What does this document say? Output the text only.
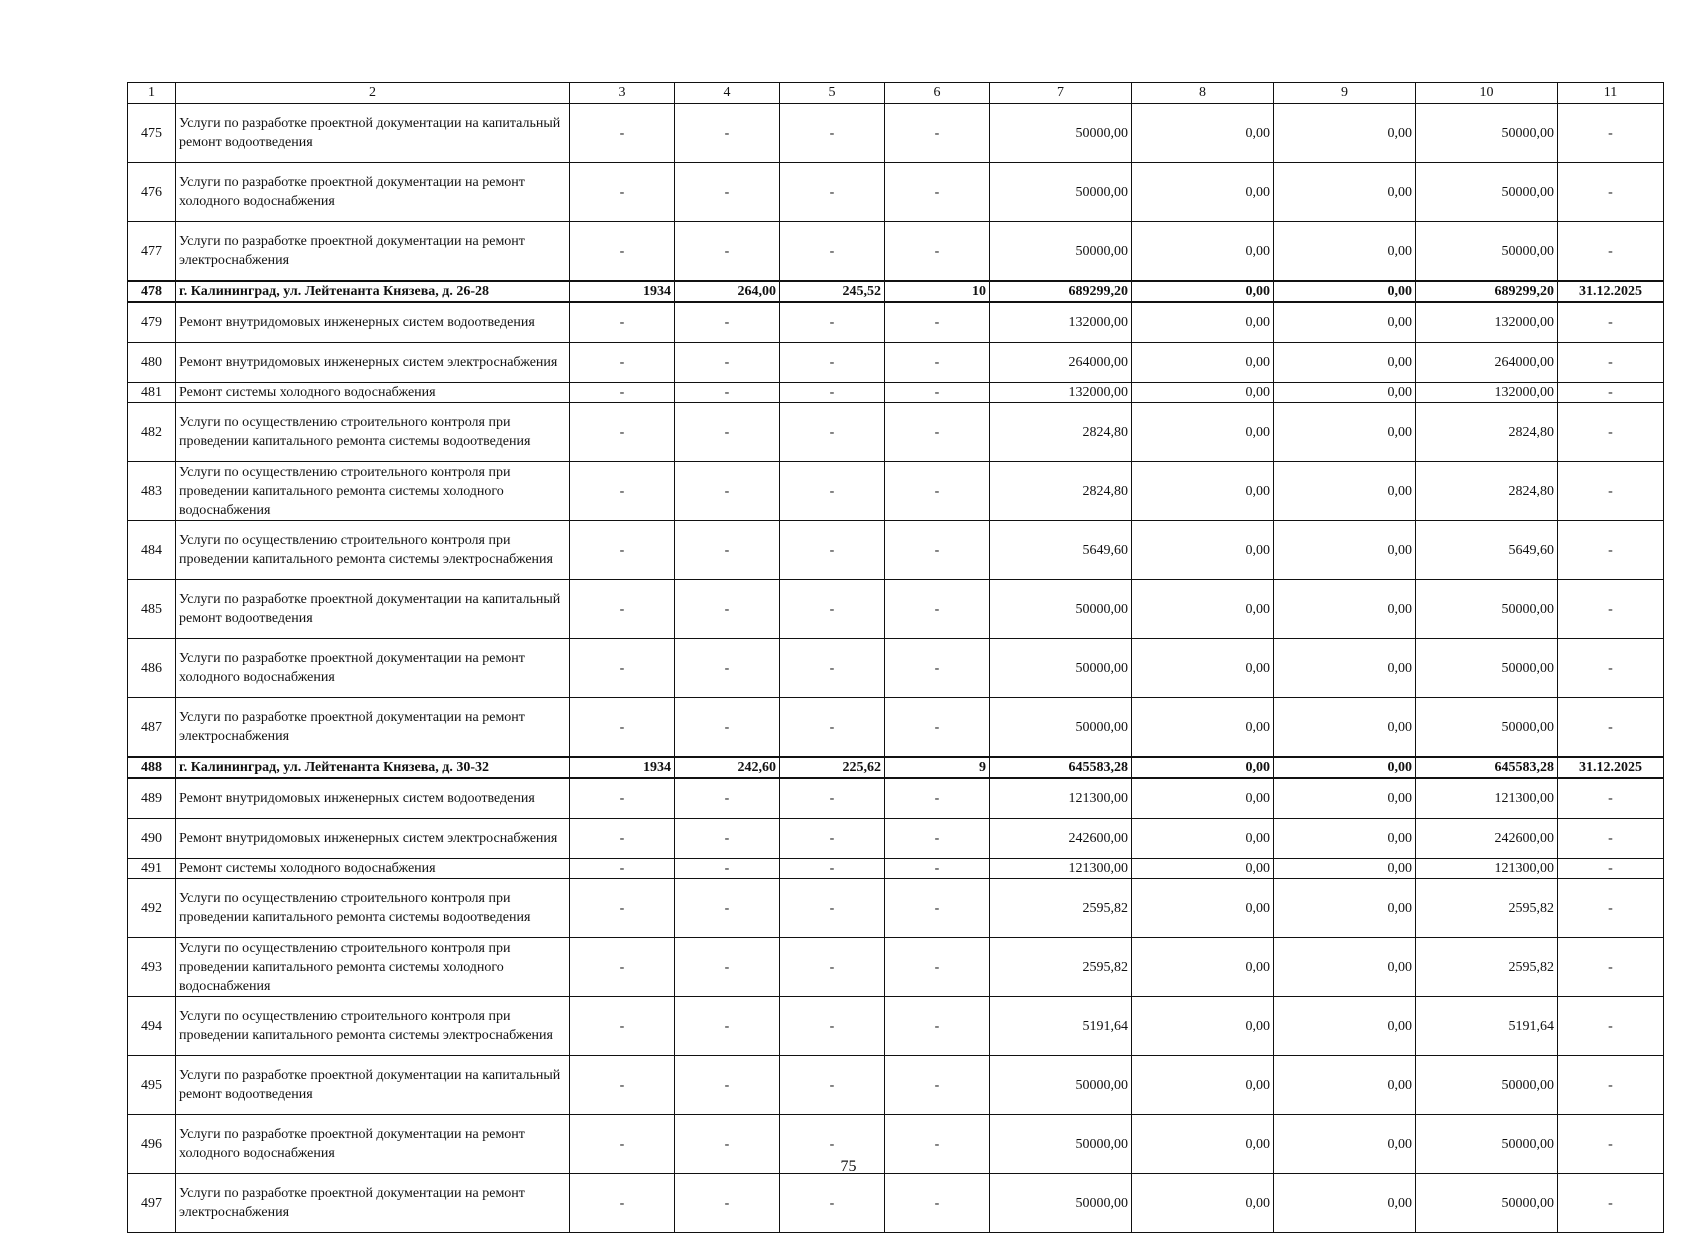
1	2	3	4	5	6	7	8	9	10	11
475	Услуги по разработке проектной документации на капитальный ремонт водоотведения	-	-	-	-	50000,00	0,00	0,00	50000,00	-
476	Услуги по разработке проектной документации на ремонт холодного водоснабжения	-	-	-	-	50000,00	0,00	0,00	50000,00	-
477	Услуги по разработке проектной документации на ремонт электроснабжения	-	-	-	-	50000,00	0,00	0,00	50000,00	-
478	г. Калининград, ул. Лейтенанта Князева, д. 26-28	1934	264,00	245,52	10	689299,20	0,00	0,00	689299,20	31.12.2025
479	Ремонт внутридомовых инженерных систем водоотведения	-	-	-	-	132000,00	0,00	0,00	132000,00	-
480	Ремонт внутридомовых инженерных систем электроснабжения	-	-	-	-	264000,00	0,00	0,00	264000,00	-
481	Ремонт системы холодного водоснабжения	-	-	-	-	132000,00	0,00	0,00	132000,00	-
482	Услуги по осуществлению строительного контроля при проведении капитального ремонта системы водоотведения	-	-	-	-	2824,80	0,00	0,00	2824,80	-
483	Услуги по осуществлению строительного контроля при проведении капитального ремонта системы холодного водоснабжения	-	-	-	-	2824,80	0,00	0,00	2824,80	-
484	Услуги по осуществлению строительного контроля при проведении капитального ремонта системы электроснабжения	-	-	-	-	5649,60	0,00	0,00	5649,60	-
485	Услуги по разработке проектной документации на капитальный ремонт водоотведения	-	-	-	-	50000,00	0,00	0,00	50000,00	-
486	Услуги по разработке проектной документации на ремонт холодного водоснабжения	-	-	-	-	50000,00	0,00	0,00	50000,00	-
487	Услуги по разработке проектной документации на ремонт электроснабжения	-	-	-	-	50000,00	0,00	0,00	50000,00	-
488	г. Калининград, ул. Лейтенанта Князева, д. 30-32	1934	242,60	225,62	9	645583,28	0,00	0,00	645583,28	31.12.2025
489	Ремонт внутридомовых инженерных систем водоотведения	-	-	-	-	121300,00	0,00	0,00	121300,00	-
490	Ремонт внутридомовых инженерных систем электроснабжения	-	-	-	-	242600,00	0,00	0,00	242600,00	-
491	Ремонт системы холодного водоснабжения	-	-	-	-	121300,00	0,00	0,00	121300,00	-
492	Услуги по осуществлению строительного контроля при проведении капитального ремонта системы водоотведения	-	-	-	-	2595,82	0,00	0,00	2595,82	-
493	Услуги по осуществлению строительного контроля при проведении капитального ремонта системы холодного водоснабжения	-	-	-	-	2595,82	0,00	0,00	2595,82	-
494	Услуги по осуществлению строительного контроля при проведении капитального ремонта системы электроснабжения	-	-	-	-	5191,64	0,00	0,00	5191,64	-
495	Услуги по разработке проектной документации на капитальный ремонт водоотведения	-	-	-	-	50000,00	0,00	0,00	50000,00	-
496	Услуги по разработке проектной документации на ремонт холодного водоснабжения	-	-	-	-	50000,00	0,00	0,00	50000,00	-
497	Услуги по разработке проектной документации на ремонт электроснабжения	-	-	-	-	50000,00	0,00	0,00	50000,00	-
75
